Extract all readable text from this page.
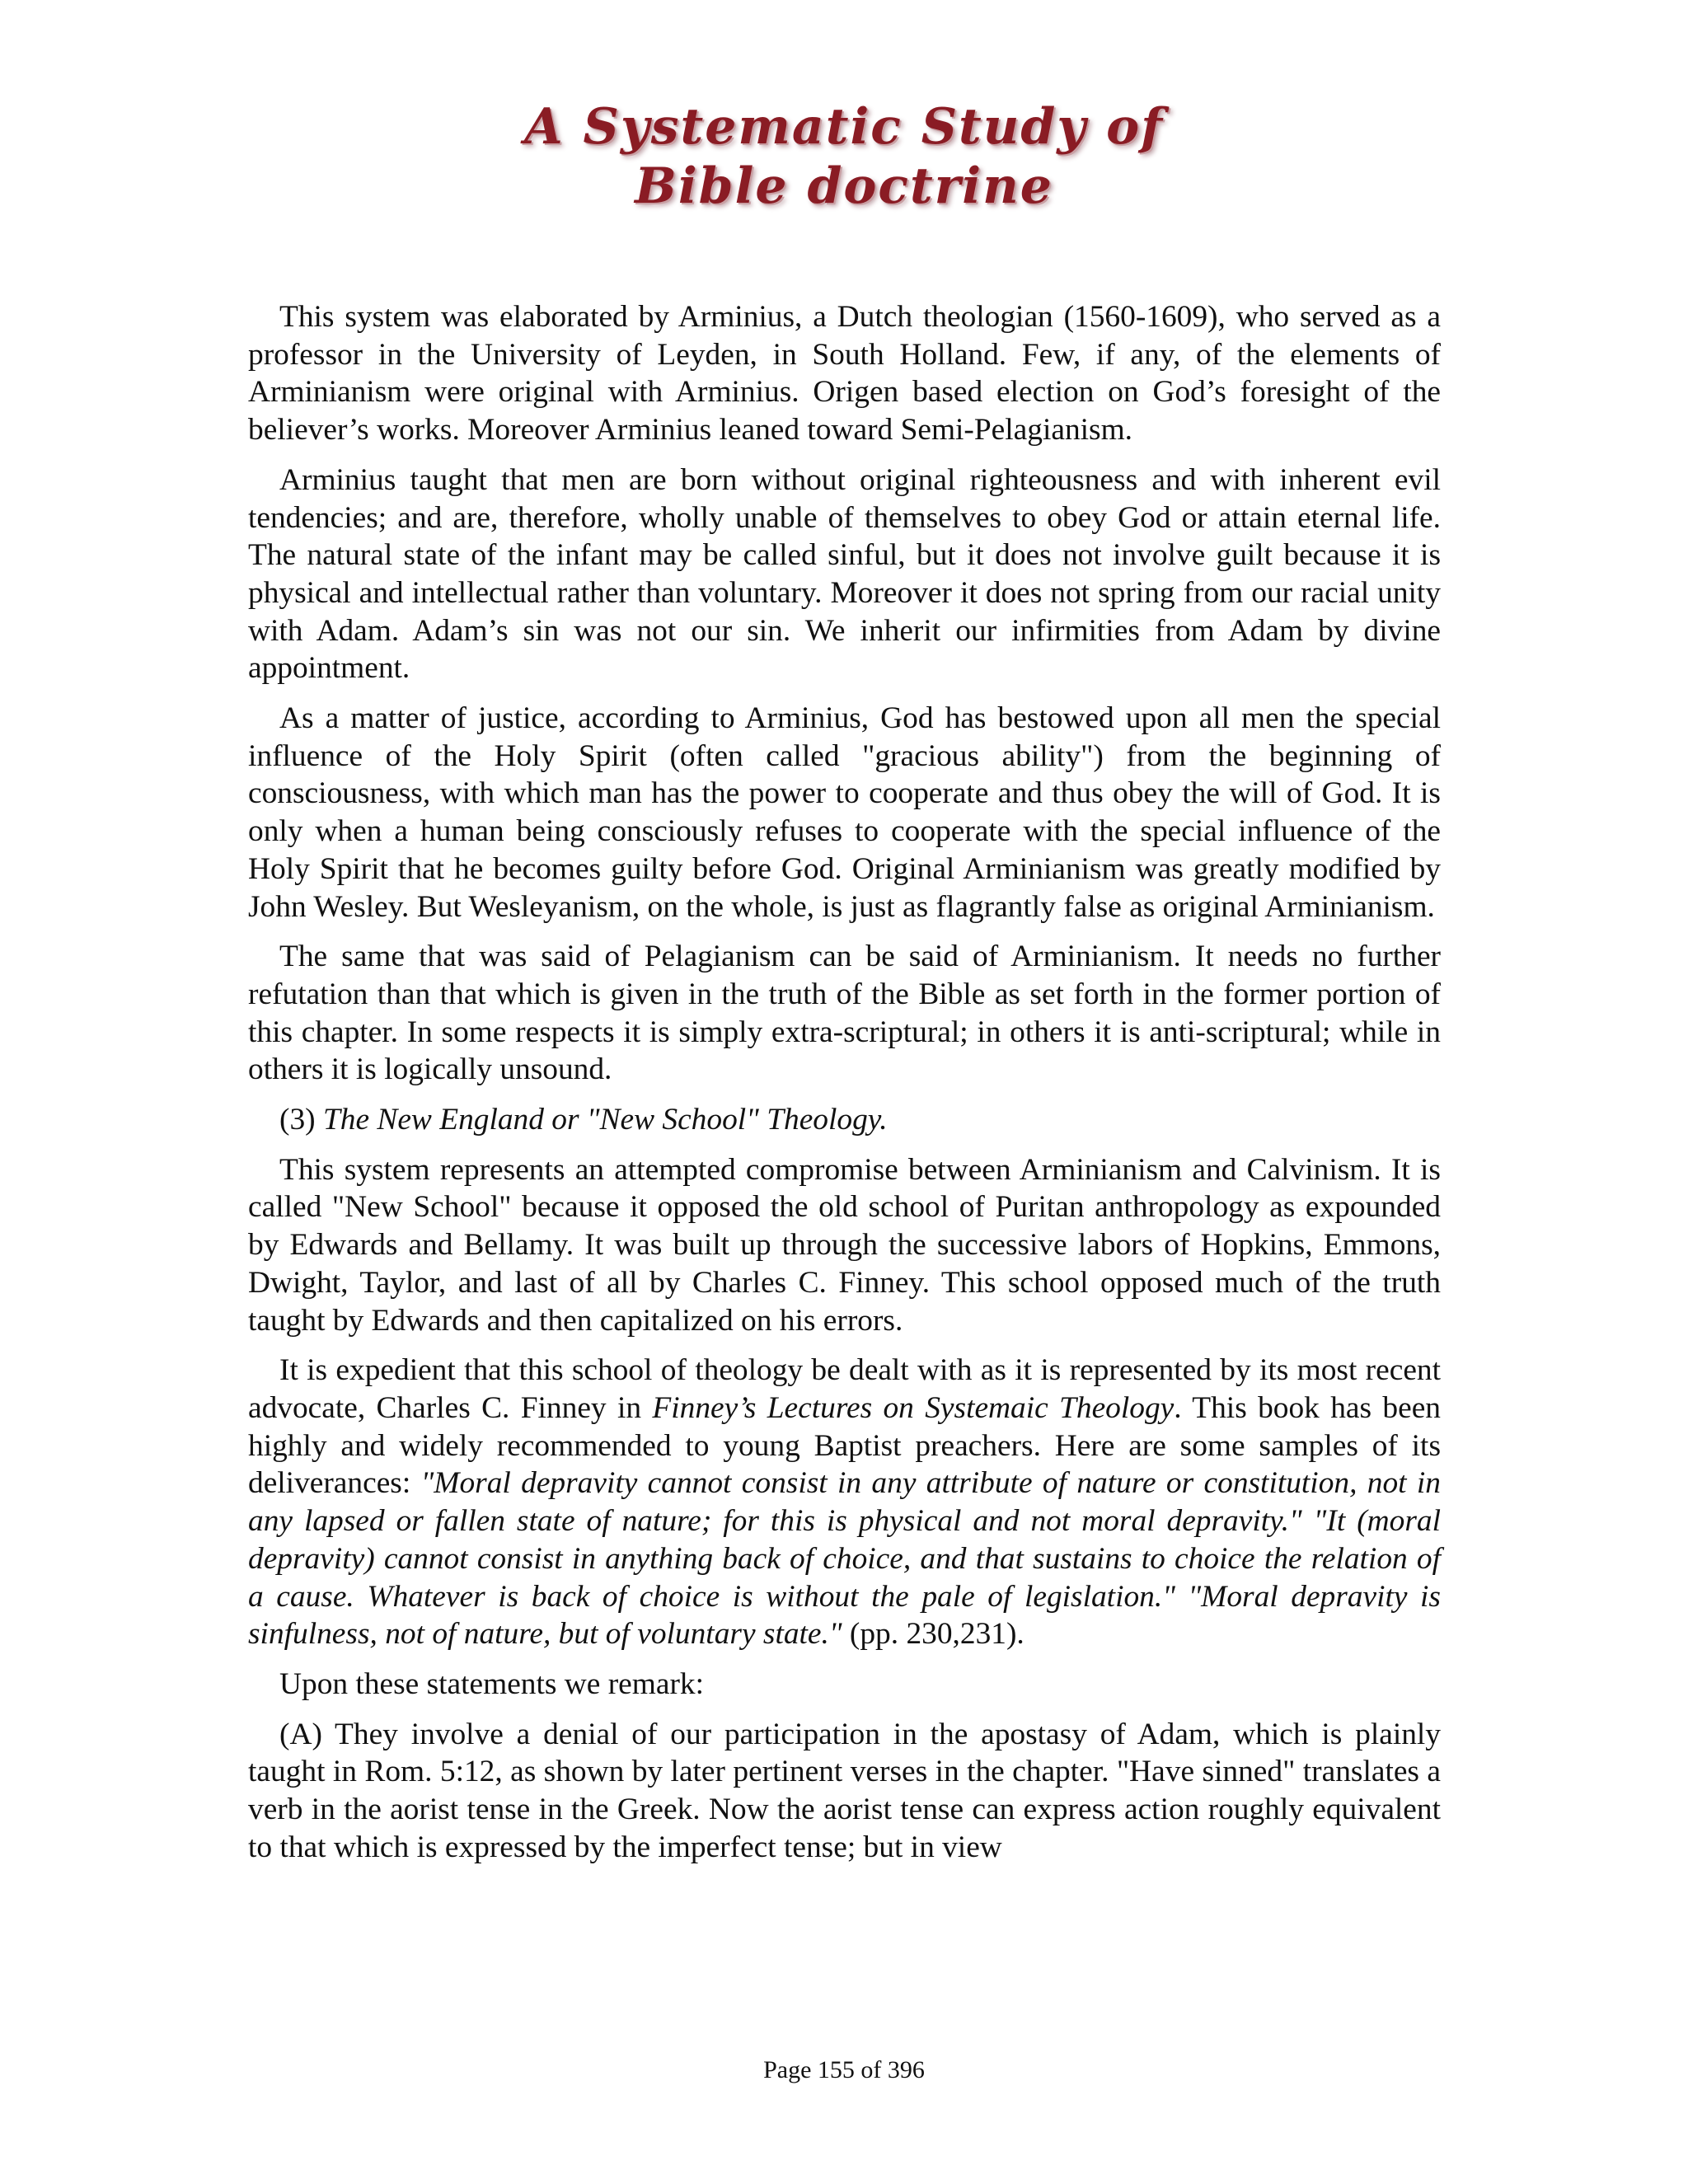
A Systematic Study of
Bible doctrine

This system was elaborated by Arminius, a Dutch theologian (1560-1609), who served as a professor in the University of Leyden, in South Holland. Few, if any, of the elements of Arminianism were original with Arminius. Origen based election on God’s foresight of the believer’s works. Moreover Arminius leaned toward Semi-Pelagianism.

Arminius taught that men are born without original righteousness and with inherent evil tendencies; and are, therefore, wholly unable of themselves to obey God or attain eternal life. The natural state of the infant may be called sinful, but it does not involve guilt because it is physical and intellectual rather than voluntary. Moreover it does not spring from our racial unity with Adam. Adam’s sin was not our sin. We inherit our infirmities from Adam by divine appointment.

As a matter of justice, according to Arminius, God has bestowed upon all men the special influence of the Holy Spirit (often called "gracious ability") from the beginning of consciousness, with which man has the power to cooperate and thus obey the will of God. It is only when a human being consciously refuses to cooperate with the special influence of the Holy Spirit that he becomes guilty before God. Original Arminianism was greatly modified by John Wesley. But Wesleyanism, on the whole, is just as flagrantly false as original Arminianism.

The same that was said of Pelagianism can be said of Arminianism. It needs no further refutation than that which is given in the truth of the Bible as set forth in the former portion of this chapter. In some respects it is simply extra-scriptural; in others it is anti-scriptural; while in others it is logically unsound.

(3) The New England or "New School" Theology.

This system represents an attempted compromise between Arminianism and Calvinism. It is called "New School" because it opposed the old school of Puritan anthropology as expounded by Edwards and Bellamy. It was built up through the successive labors of Hopkins, Emmons, Dwight, Taylor, and last of all by Charles C. Finney. This school opposed much of the truth taught by Edwards and then capitalized on his errors.

It is expedient that this school of theology be dealt with as it is represented by its most recent advocate, Charles C. Finney in Finney’s Lectures on Systemaic Theology. This book has been highly and widely recommended to young Baptist preachers. Here are some samples of its deliverances: "Moral depravity cannot consist in any attribute of nature or constitution, not in any lapsed or fallen state of nature; for this is physical and not moral depravity." "It (moral depravity) cannot consist in anything back of choice, and that sustains to choice the relation of a cause. Whatever is back of choice is without the pale of legislation." "Moral depravity is sinfulness, not of nature, but of voluntary state." (pp. 230,231).

Upon these statements we remark:

(A) They involve a denial of our participation in the apostasy of Adam, which is plainly taught in Rom. 5:12, as shown by later pertinent verses in the chapter. "Have sinned" translates a verb in the aorist tense in the Greek. Now the aorist tense can express action roughly equivalent to that which is expressed by the imperfect tense; but in view

Page 155 of 396
